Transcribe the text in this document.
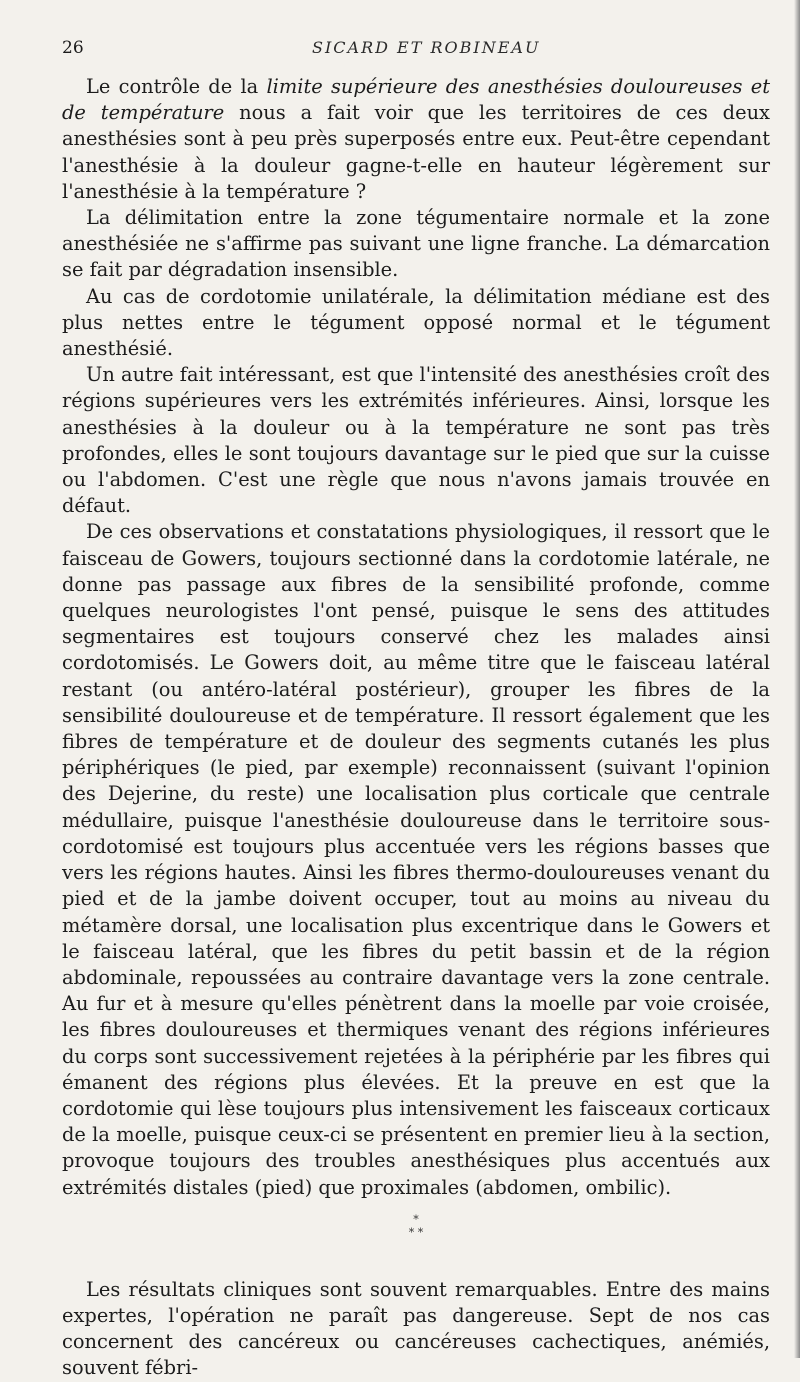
26	SICARD ET ROBINEAU

Le contrôle de la limite supérieure des anesthésies douloureuses et de température nous a fait voir que les territoires de ces deux anesthésies sont à peu près superposés entre eux. Peut-être cependant l'anesthésie à la douleur gagne-t-elle en hauteur légèrement sur l'anesthésie à la température ?

La délimitation entre la zone tégumentaire normale et la zone anesthésiée ne s'affirme pas suivant une ligne franche. La démarcation se fait par dégradation insensible.

Au cas de cordotomie unilatérale, la délimitation médiane est des plus nettes entre le tégument opposé normal et le tégument anesthésié.

Un autre fait intéressant, est que l'intensité des anesthésies croît des régions supérieures vers les extrémités inférieures. Ainsi, lorsque les anesthésies à la douleur ou à la température ne sont pas très profondes, elles le sont toujours davantage sur le pied que sur la cuisse ou l'abdomen. C'est une règle que nous n'avons jamais trouvée en défaut.

De ces observations et constatations physiologiques, il ressort que le faisceau de Gowers, toujours sectionné dans la cordotomie latérale, ne donne pas passage aux fibres de la sensibilité profonde, comme quelques neurologistes l'ont pensé, puisque le sens des attitudes segmentaires est toujours conservé chez les malades ainsi cordotomisés. Le Gowers doit, au même titre que le faisceau latéral restant (ou antéro-latéral postérieur), grouper les fibres de la sensibilité douloureuse et de température. Il ressort également que les fibres de température et de douleur des segments cutanés les plus périphériques (le pied, par exemple) reconnaissent (suivant l'opinion des Dejerine, du reste) une localisation plus corticale que centrale médullaire, puisque l'anesthésie douloureuse dans le territoire sous-cordotomisé est toujours plus accentuée vers les régions basses que vers les régions hautes. Ainsi les fibres thermo-douloureuses venant du pied et de la jambe doivent occuper, tout au moins au niveau du métamère dorsal, une localisation plus excentrique dans le Gowers et le faisceau latéral, que les fibres du petit bassin et de la région abdominale, repoussées au contraire davantage vers la zone centrale. Au fur et à mesure qu'elles pénètrent dans la moelle par voie croisée, les fibres douloureuses et thermiques venant des régions inférieures du corps sont successivement rejetées à la périphérie par les fibres qui émanent des régions plus élevées. Et la preuve en est que la cordotomie qui lèse toujours plus intensivement les faisceaux corticaux de la moelle, puisque ceux-ci se présentent en premier lieu à la section, provoque toujours des troubles anesthésiques plus accentués aux extrémités distales (pied) que proximales (abdomen, ombilic).

*
* *

Les résultats cliniques sont souvent remarquables. Entre des mains expertes, l'opération ne paraît pas dangereuse. Sept de nos cas concernent des cancéreux ou cancéreuses cachectiques, anémiés, souvent fébri-
